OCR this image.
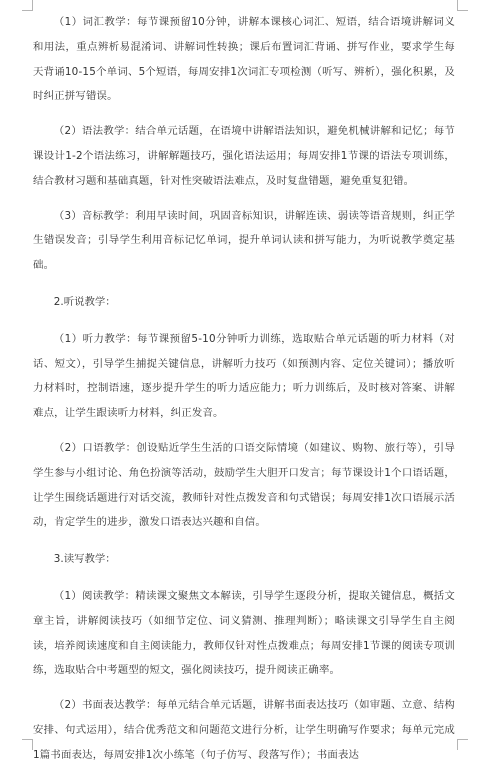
（1）词汇教学：每节课预留10分钟，讲解本课核心词汇、短语，结合语境讲解词义和用法，重点辨析易混淆词、讲解词性转换；课后布置词汇背诵、拼写作业，要求学生每天背诵10-15个单词、5个短语，每周安排1次词汇专项检测（听写、辨析），强化积累，及时纠正拼写错误。

（2）语法教学：结合单元话题，在语境中讲解语法知识，避免机械讲解和记忆；每节课设计1-2个语法练习，讲解解题技巧，强化语法运用；每周安排1节课的语法专项训练，结合教材习题和基础真题，针对性突破语法难点，及时复盘错题，避免重复犯错。

（3）音标教学：利用早读时间，巩固音标知识，讲解连读、弱读等语音规则，纠正学生错误发音；引导学生利用音标记忆单词，提升单词认读和拼写能力，为听说教学奠定基础。

2.听说教学：

（1）听力教学：每节课预留5-10分钟听力训练，选取贴合单元话题的听力材料（对话、短文），引导学生捕捉关键信息，讲解听力技巧（如预测内容、定位关键词）；播放听力材料时，控制语速，逐步提升学生的听力适应能力；听力训练后，及时核对答案、讲解难点，让学生跟读听力材料，纠正发音。

（2）口语教学：创设贴近学生生活的口语交际情境（如建议、购物、旅行等），引导学生参与小组讨论、角色扮演等活动，鼓励学生大胆开口发言；每节课设计1个口语话题，让学生围绕话题进行对话交流，教师针对性点拨发音和句式错误；每周安排1次口语展示活动，肯定学生的进步，激发口语表达兴趣和自信。

3.读写教学：

（1）阅读教学：精读课文聚焦文本解读，引导学生逐段分析，提取关键信息，概括文章主旨，讲解阅读技巧（如细节定位、词义猜测、推理判断）；略读课文引导学生自主阅读，培养阅读速度和自主阅读能力，教师仅针对性点拨难点；每周安排1节课的阅读专项训练，选取贴合中考题型的短文，强化阅读技巧，提升阅读正确率。

（2）书面表达教学：每单元结合单元话题，讲解书面表达技巧（如审题、立意、结构安排、句式运用），结合优秀范文和问题范文进行分析，让学生明确写作要求；每单元完成1篇书面表达，每周安排1次小练笔（句子仿写、段落写作）；书面表达
